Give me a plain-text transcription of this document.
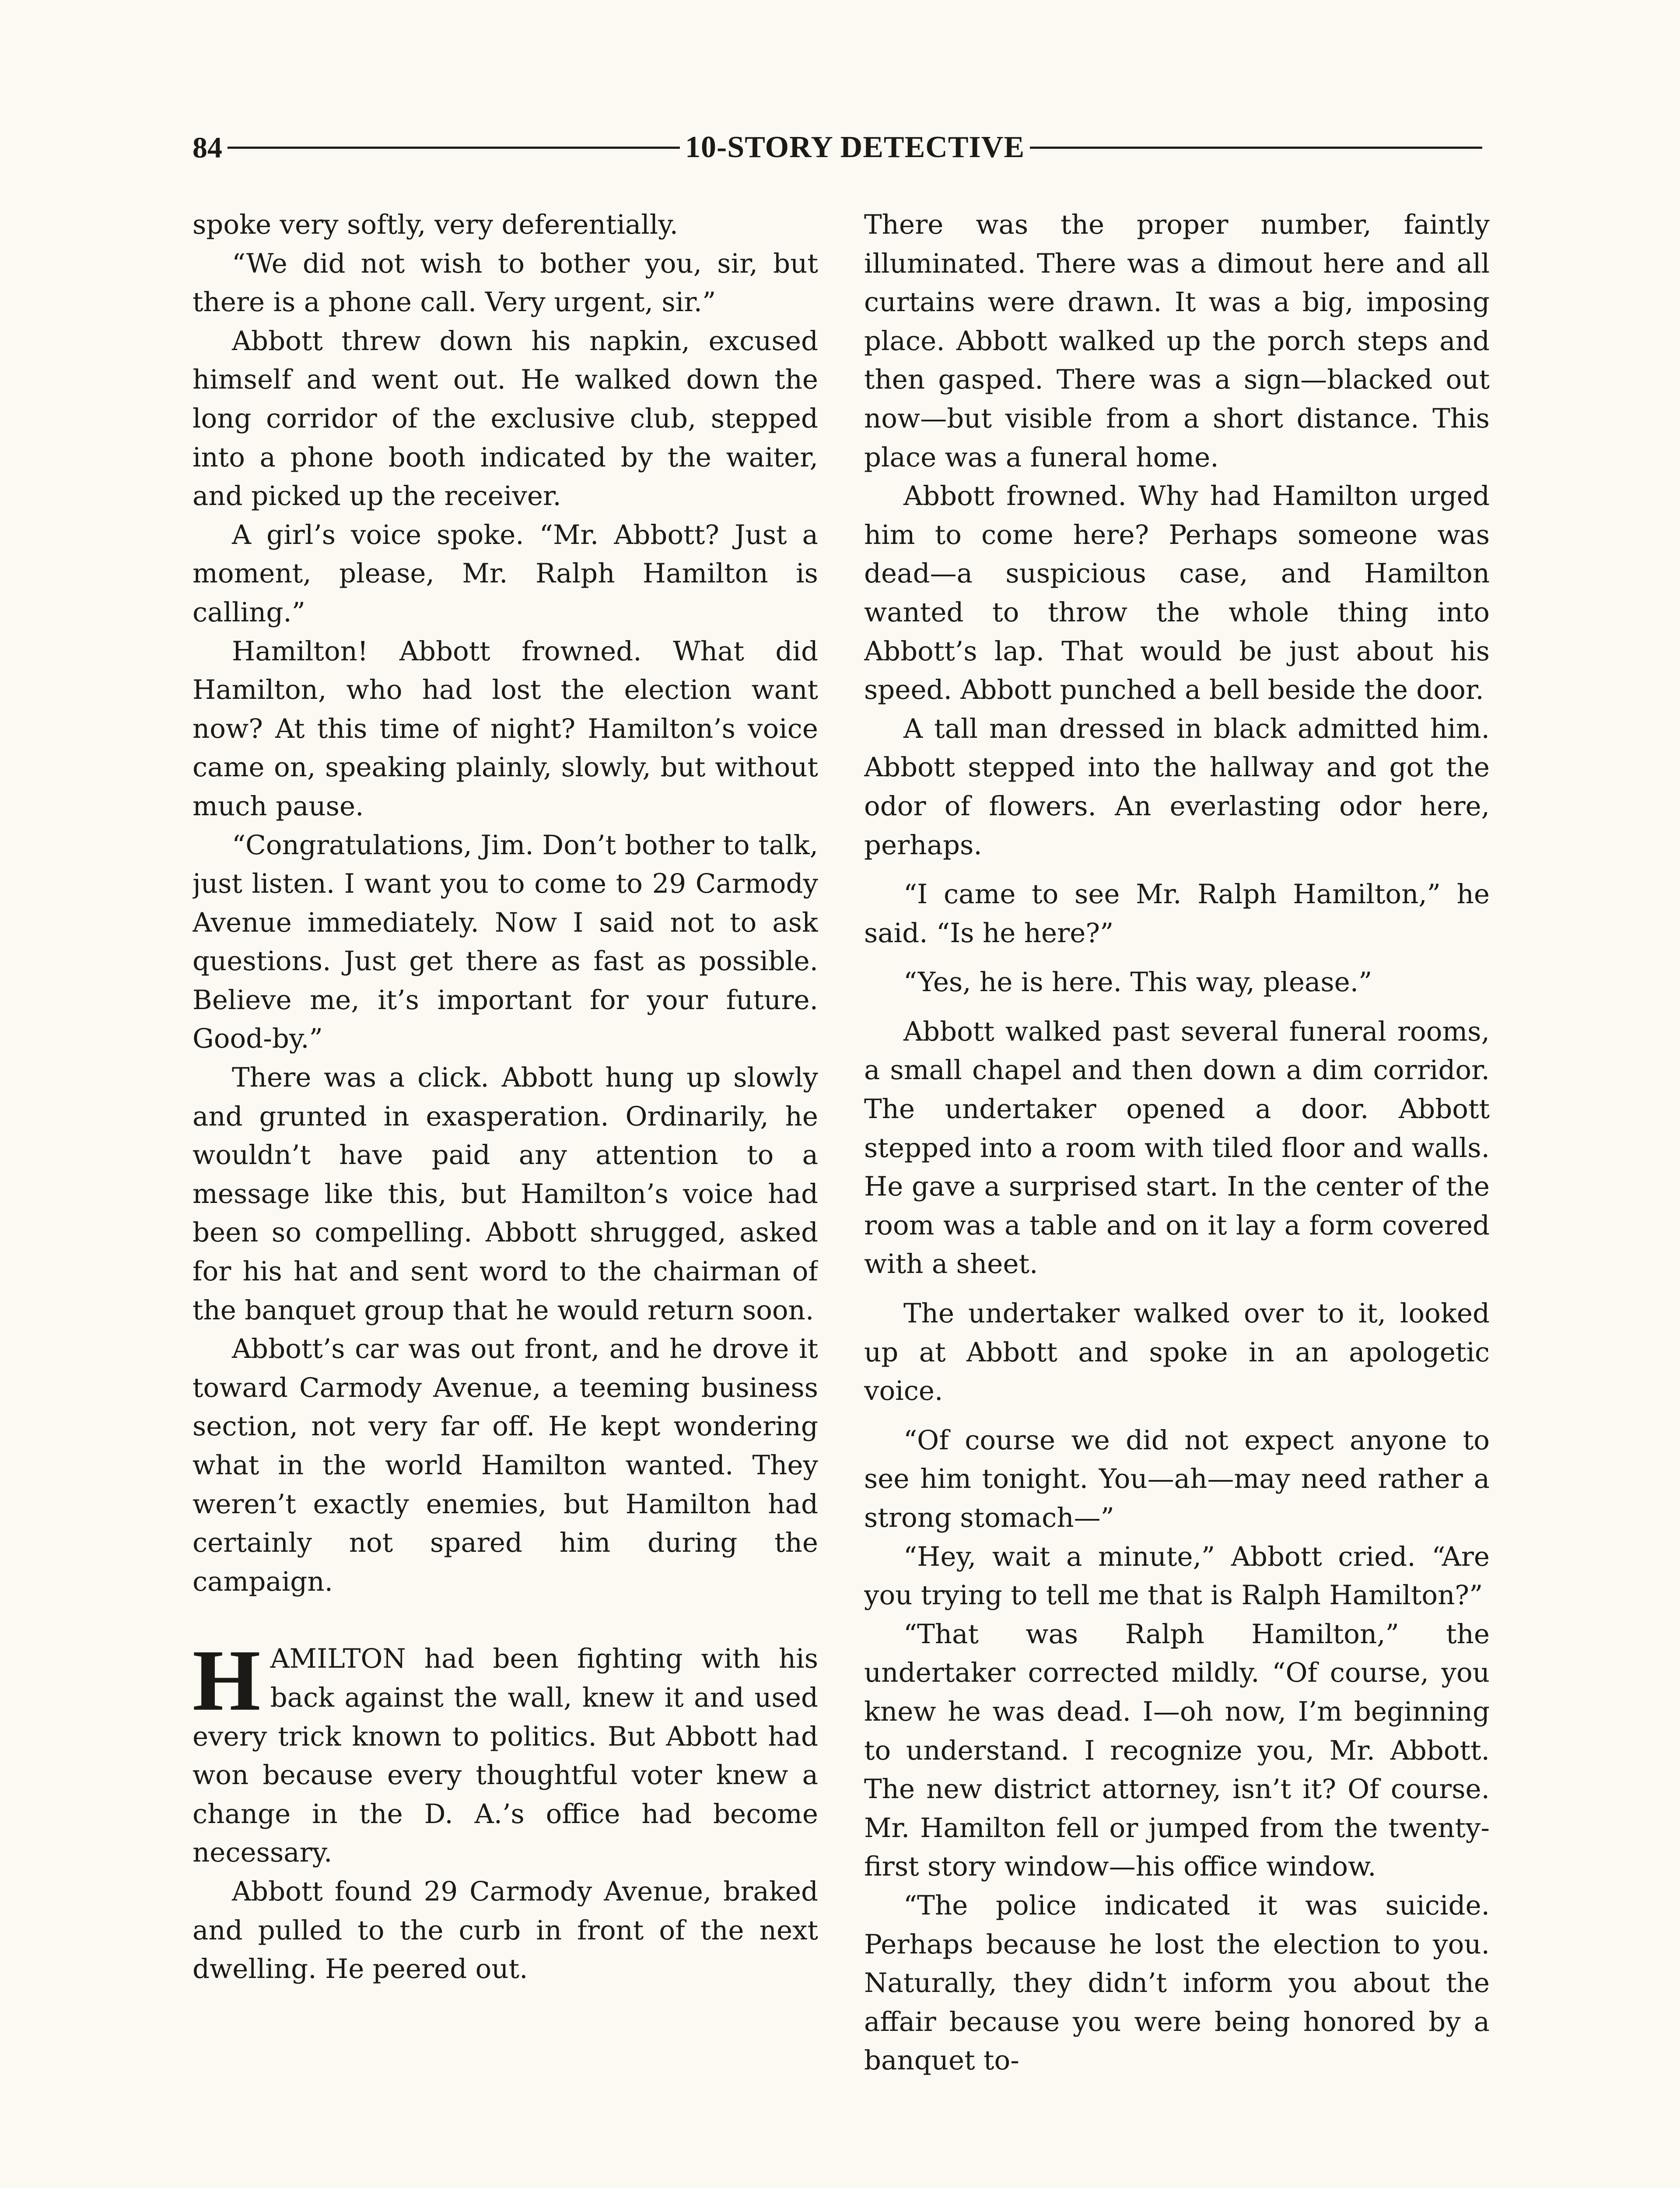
84	10-STORY DETECTIVE

spoke very softly, very deferentially.

“We did not wish to bother you, sir, but there is a phone call. Very urgent, sir.”

Abbott threw down his napkin, excused himself and went out. He walked down the long corridor of the exclusive club, stepped into a phone booth indicated by the waiter, and picked up the receiver.

A girl’s voice spoke. “Mr. Abbott? Just a moment, please, Mr. Ralph Hamilton is calling.”

Hamilton! Abbott frowned. What did Hamilton, who had lost the election want now? At this time of night? Hamilton’s voice came on, speaking plainly, slowly, but without much pause.

“Congratulations, Jim. Don’t bother to talk, just listen. I want you to come to 29 Carmody Avenue immediately. Now I said not to ask questions. Just get there as fast as possible. Believe me, it’s important for your future. Good-by.”

There was a click. Abbott hung up slowly and grunted in exasperation. Ordinarily, he wouldn’t have paid any attention to a message like this, but Hamilton’s voice had been so compelling. Abbott shrugged, asked for his hat and sent word to the chairman of the banquet group that he would return soon.

Abbott’s car was out front, and he drove it toward Carmody Avenue, a teeming business section, not very far off. He kept wondering what in the world Hamilton wanted. They weren’t exactly enemies, but Hamilton had certainly not spared him during the campaign.

HAMILTON had been fighting with his back against the wall, knew it and used every trick known to politics. But Abbott had won because every thoughtful voter knew a change in the D. A.’s office had become necessary.

Abbott found 29 Carmody Avenue, braked and pulled to the curb in front of the next dwelling. He peered out.

There was the proper number, faintly illuminated. There was a dimout here and all curtains were drawn. It was a big, imposing place. Abbott walked up the porch steps and then gasped. There was a sign—blacked out now—but visible from a short distance. This place was a funeral home.

Abbott frowned. Why had Hamilton urged him to come here? Perhaps someone was dead—a suspicious case, and Hamilton wanted to throw the whole thing into Abbott’s lap. That would be just about his speed. Abbott punched a bell beside the door.

A tall man dressed in black admitted him. Abbott stepped into the hallway and got the odor of flowers. An everlasting odor here, perhaps.

“I came to see Mr. Ralph Hamilton,” he said. “Is he here?”

“Yes, he is here. This way, please.”

Abbott walked past several funeral rooms, a small chapel and then down a dim corridor. The undertaker opened a door. Abbott stepped into a room with tiled floor and walls. He gave a surprised start. In the center of the room was a table and on it lay a form covered with a sheet.

The undertaker walked over to it, looked up at Abbott and spoke in an apologetic voice.

“Of course we did not expect anyone to see him tonight. You—ah—may need rather a strong stomach—”

“Hey, wait a minute,” Abbott cried. “Are you trying to tell me that is Ralph Hamilton?”

“That was Ralph Hamilton,” the undertaker corrected mildly. “Of course, you knew he was dead. I—oh now, I’m beginning to understand. I recognize you, Mr. Abbott. The new district attorney, isn’t it? Of course. Mr. Hamilton fell or jumped from the twenty-first story window—his office window.

“The police indicated it was suicide. Perhaps because he lost the election to you. Naturally, they didn’t inform you about the affair because you were being honored by a banquet to-
